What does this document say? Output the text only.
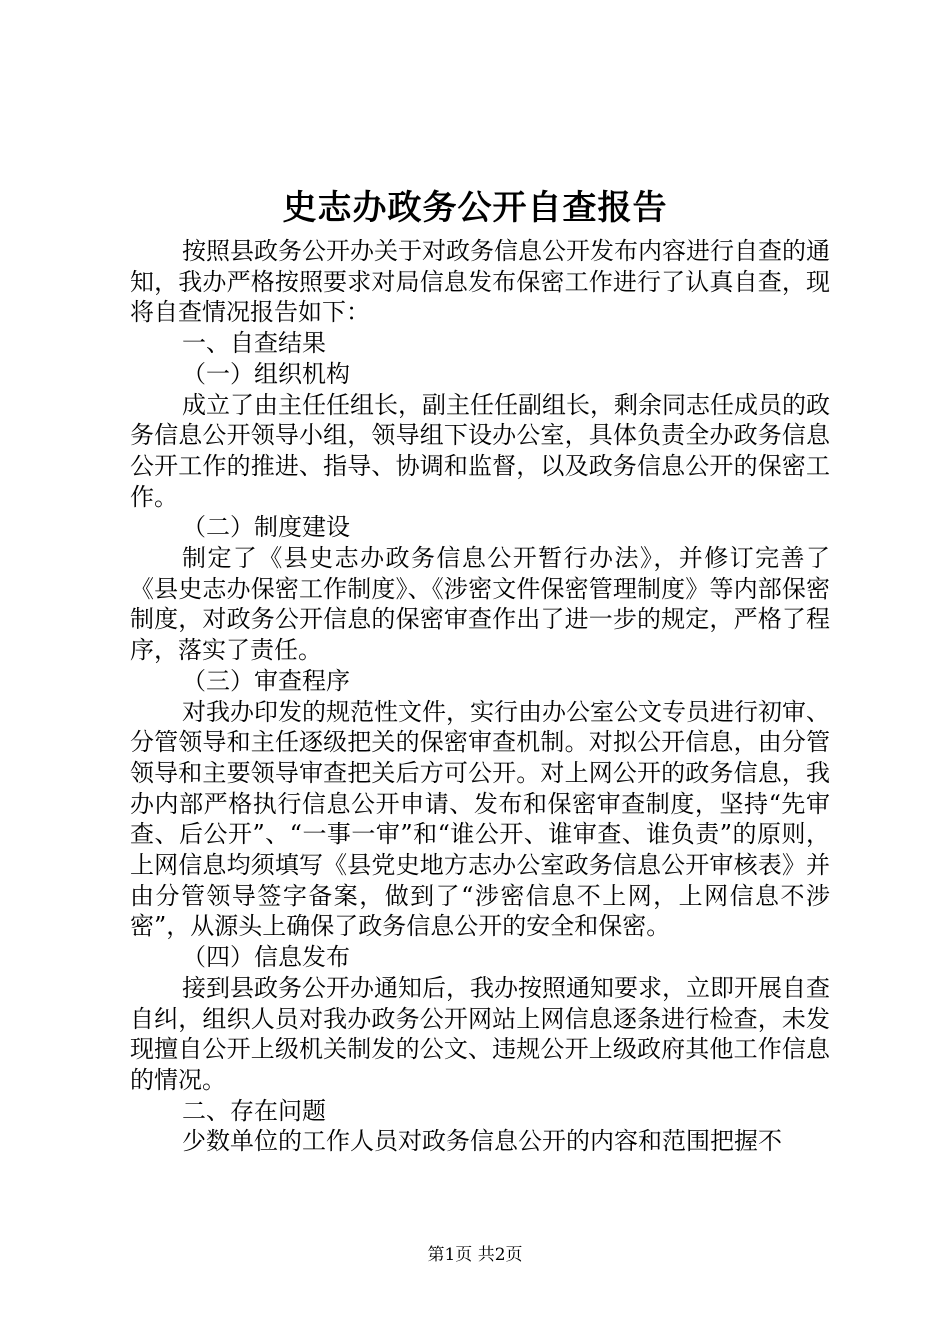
史志办政务公开自查报告

按照县政务公开办关于对政务信息公开发布内容进行自查的通知，我办严格按照要求对局信息发布保密工作进行了认真自查，现将自查情况报告如下：

一、自查结果

（一）组织机构

成立了由主任任组长，副主任任副组长，剩余同志任成员的政务信息公开领导小组，领导组下设办公室，具体负责全办政务信息公开工作的推进、指导、协调和监督，以及政务信息公开的保密工作。

（二）制度建设

制定了《县史志办政务信息公开暂行办法》，并修订完善了《县史志办保密工作制度》、《涉密文件保密管理制度》等内部保密制度，对政务公开信息的保密审查作出了进一步的规定，严格了程序，落实了责任。

（三）审查程序

对我办印发的规范性文件，实行由办公室公文专员进行初审、分管领导和主任逐级把关的保密审查机制。对拟公开信息，由分管领导和主要领导审查把关后方可公开。对上网公开的政务信息，我办内部严格执行信息公开申请、发布和保密审查制度，坚持“先审查、后公开”、“一事一审”和“谁公开、谁审查、谁负责”的原则，上网信息均须填写《县党史地方志办公室政务信息公开审核表》并由分管领导签字备案，做到了“涉密信息不上网，上网信息不涉密”，从源头上确保了政务信息公开的安全和保密。

（四）信息发布

接到县政务公开办通知后，我办按照通知要求，立即开展自查自纠，组织人员对我办政务公开网站上网信息逐条进行检查，未发现擅自公开上级机关制发的公文、违规公开上级政府其他工作信息的情况。

二、存在问题

少数单位的工作人员对政务信息公开的内容和范围把握不

第1页 共2页
